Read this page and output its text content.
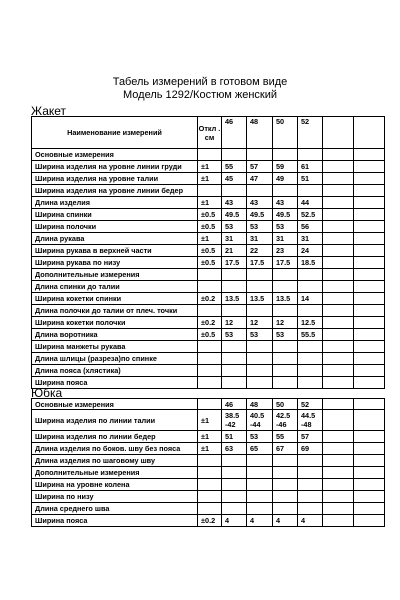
Табель измерений в готовом виде
Модель 1292/Костюм женский
Жакет
Наименование измерений	Откл . см	46	48	50	52		
Основные измерения							
Ширина изделия на уровне линии груди	±1	55	57	59	61		
Ширина изделия на уровне талии	±1	45	47	49	51		
Ширина изделия на уровне линии бедер							
Длина изделия	±1	43	43	43	44		
Ширина спинки	±0.5	49.5	49.5	49.5	52.5		
Ширина полочки	±0.5	53	53	53	56		
Длина рукава	±1	31	31	31	31		
Ширина рукава в верхней части	±0.5	21	22	23	24		
Ширина рукава по низу	±0.5	17.5	17.5	17.5	18.5		
Дополнительные измерения							
Длина спинки до талии							
Ширина кокетки спинки	±0.2	13.5	13.5	13.5	14		
Длина полочки до талии от плеч. точки							
Ширина кокетки полочки	±0.2	12	12	12	12.5		
Длина воротника	±0.5	53	53	53	55.5		
Ширина манжеты рукава							
Длина шлицы (разреза)по спинке							
Длина пояса (хлястика)							
Ширина пояса							
Юбка
Основные измерения		46	48	50	52		
Ширина изделия по линии талии	±1	38.5 -42	40.5 -44	42.5 -46	44.5 -48		
Ширина изделия по линии бедер	±1	51	53	55	57		
Длина изделия по боков. шву без пояса	±1	63	65	67	69		
Длина изделия по шаговому шву							
Дополнительные измерения							
Ширина на уровне колена							
Ширина по низу							
Длина среднего шва							
Ширина пояса	±0.2	4	4	4	4		
